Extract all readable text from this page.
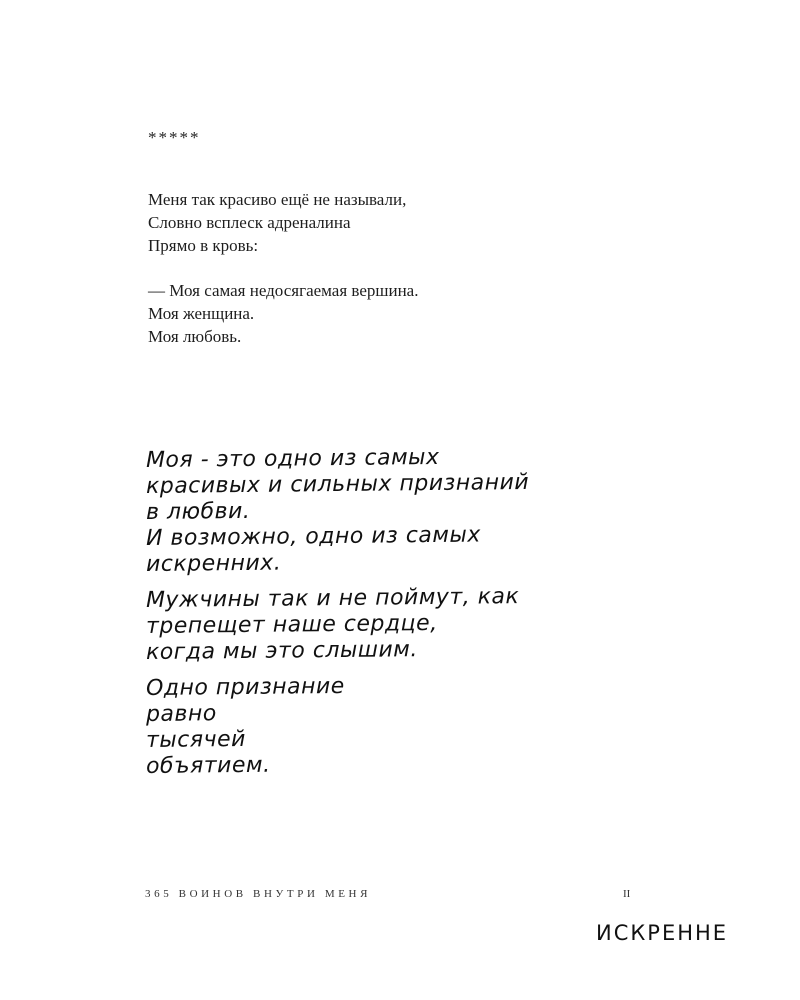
*****
Меня так красиво ещё не называли,
Словно всплеск адреналина
Прямо в кровь:
— Моя самая недосягаемая вершина.
Моя женщина.
Моя любовь.
Моя - это одно из самых
красивых и сильных признаний
в любви.
И возможно, одно из самых
искренних.
Мужчины так и не поймут, как
трепещет наше сердце,
когда мы это слышим.
Одно признание
равно
тысячей
объятием.
365 ВОИНОВ ВНУТРИ МЕНЯ	II
ИСКРЕННЕ
